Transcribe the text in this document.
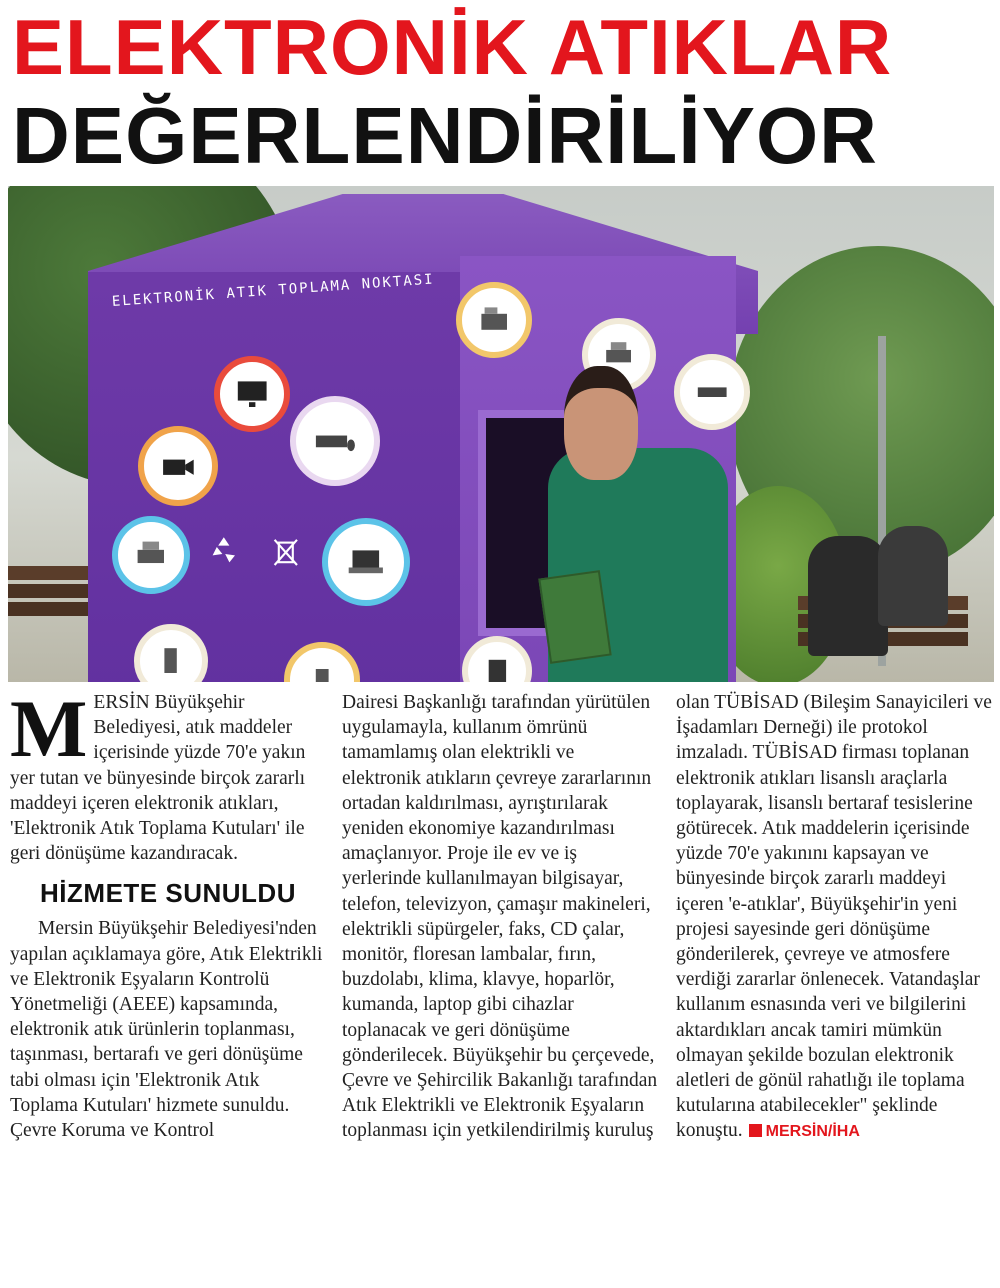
ELEKTRONİK ATIKLAR
DEĞERLENDİRİLİYOR
ELEKTRONİK ATIK TOPLAMA NOKTASI

MERSİN Büyükşehir Belediyesi, atık maddeler içerisinde yüzde 70'e yakın yer tutan ve bünyesinde birçok zararlı maddeyi içeren elektronik atıkları, 'Elektronik Atık Toplama Kutuları' ile geri dönüşüme kazandıracak.

HİZMETE SUNULDU

Mersin Büyükşehir Belediyesi'nden yapılan açıklamaya göre, Atık Elektrikli ve Elektronik Eşyaların Kontrolü Yönetmeliği (AEEE) kapsamında, elektronik atık ürünlerin toplanması, taşınması, bertarafı ve geri dönüşüme tabi olması için 'Elektronik Atık Toplama Kutuları' hizmete sunuldu. Çevre Koruma ve Kontrol

Dairesi Başkanlığı tarafından yürütülen uygulamayla, kullanım ömrünü tamamlamış olan elektrikli ve elektronik atıkların çevreye zararlarının ortadan kaldırılması, ayrıştırılarak yeniden ekonomiye kazandırılması amaçlanıyor. Proje ile ev ve iş yerlerinde kullanılmayan bilgisayar, telefon, televizyon, çamaşır makineleri, elektrikli süpürgeler, faks, CD çalar, monitör, floresan lambalar, fırın, buzdolabı, klima, klavye, hoparlör, kumanda, laptop gibi cihazlar toplanacak ve geri dönüşüme gönderilecek. Büyükşehir bu çerçevede, Çevre ve Şehircilik Bakanlığı tarafından Atık Elektrikli ve Elektronik Eşyaların toplanması için yetkilendirilmiş kuruluş

olan TÜBİSAD (Bileşim Sanayicileri ve İşadamları Derneği) ile protokol imzaladı. TÜBİSAD firması toplanan elektronik atıkları lisanslı araçlarla toplayarak, lisanslı bertaraf tesislerine götürecek. Atık maddelerin içerisinde yüzde 70'e yakınını kapsayan ve bünyesinde birçok zararlı maddeyi içeren 'e-atıklar', Büyükşehir'in yeni projesi sayesinde geri dönüşüme gönderilerek, çevreye ve atmosfere verdiği zararlar önlenecek. Vatandaşlar kullanım esnasında veri ve bilgilerini aktardıkları ancak tamiri mümkün olmayan şekilde bozulan elektronik aletleri de gönül rahatlığı ile toplama kutularına atabilecekler" şeklinde konuştu. MERSİN/İHA
